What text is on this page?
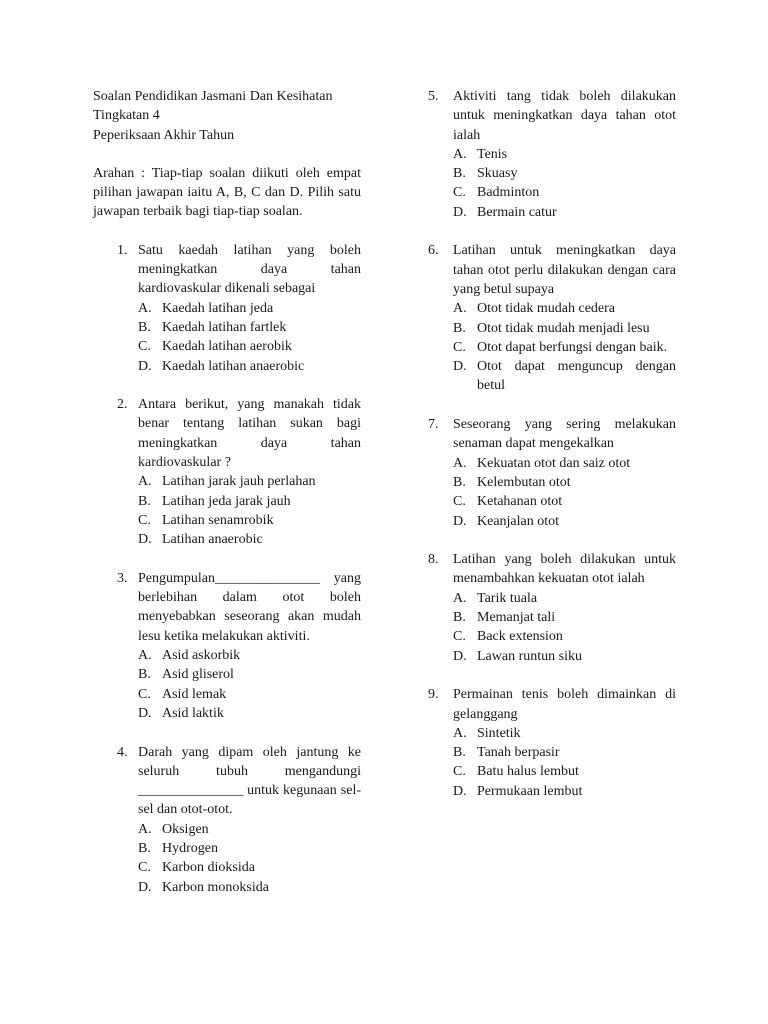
Soalan Pendidikan Jasmani Dan Kesihatan

Tingkatan 4

Peperiksaan Akhir Tahun

Arahan : Tiap-tiap soalan diikuti oleh empat pilihan jawapan iaitu A, B, C dan D. Pilih satu jawapan terbaik bagi tiap-tiap soalan.

1. Satu kaedah latihan yang boleh meningkatkan daya tahan kardiovaskular dikenali sebagai
A. Kaedah latihan jeda
B. Kaedah latihan fartlek
C. Kaedah latihan aerobik
D. Kaedah latihan anaerobic
2. Antara berikut, yang manakah tidak benar tentang latihan sukan bagi meningkatkan daya tahan kardiovaskular ?
A. Latihan jarak jauh perlahan
B. Latihan jeda jarak jauh
C. Latihan senamrobik
D. Latihan anaerobic
3. Pengumpulan_______________ yang berlebihan dalam otot boleh menyebabkan seseorang akan mudah lesu ketika melakukan aktiviti.
A. Asid askorbik
B. Asid gliserol
C. Asid lemak
D. Asid laktik
4. Darah yang dipam oleh jantung ke seluruh tubuh mengandungi _______________ untuk kegunaan sel-sel dan otot-otot.
A. Oksigen
B. Hydrogen
C. Karbon dioksida
D. Karbon monoksida
5. Aktiviti tang tidak boleh dilakukan untuk meningkatkan daya tahan otot ialah
A. Tenis
B. Skuasy
C. Badminton
D. Bermain catur
6. Latihan untuk meningkatkan daya tahan otot perlu dilakukan dengan cara yang betul supaya
A. Otot tidak mudah cedera
B. Otot tidak mudah menjadi lesu
C. Otot dapat berfungsi dengan baik.
D. Otot dapat menguncup dengan betul
7. Seseorang yang sering melakukan senaman dapat mengekalkan
A. Kekuatan otot dan saiz otot
B. Kelembutan otot
C. Ketahanan otot
D. Keanjalan otot
8. Latihan yang boleh dilakukan untuk menambahkan kekuatan otot ialah
A. Tarik tuala
B. Memanjat tali
C. Back extension
D. Lawan runtun siku
9. Permainan tenis boleh dimainkan di gelanggang
A. Sintetik
B. Tanah berpasir
C. Batu halus lembut
D. Permukaan lembut
